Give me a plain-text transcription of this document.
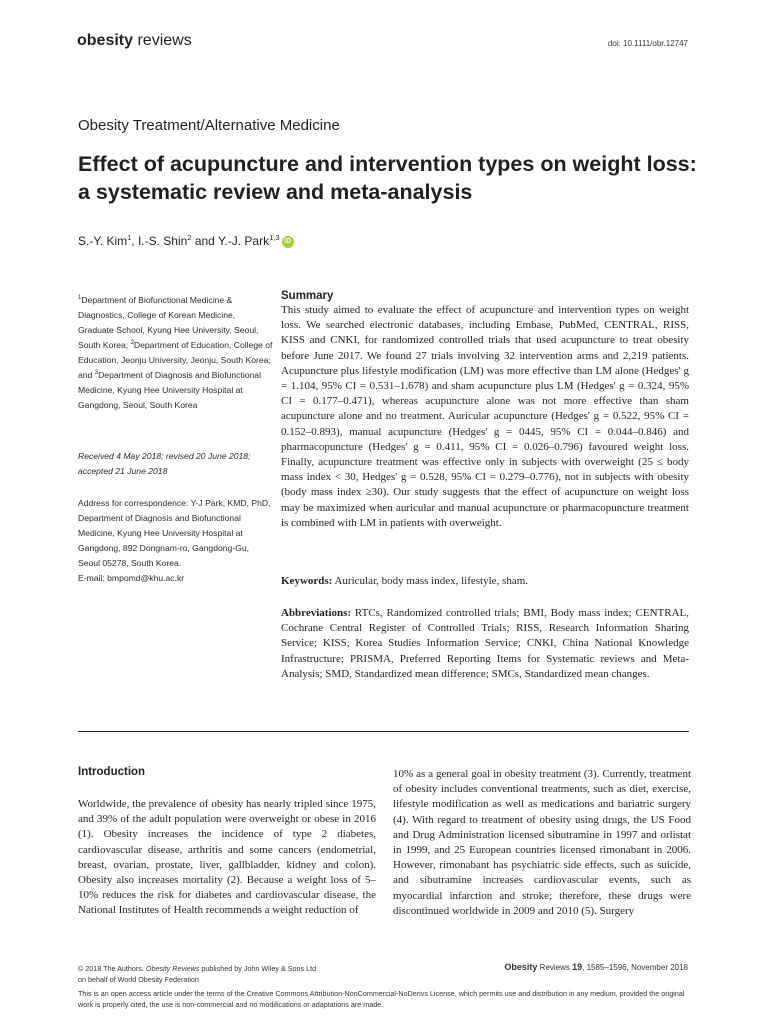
obesity reviews	doi: 10.1111/obr.12747
Obesity Treatment/Alternative Medicine
Effect of acupuncture and intervention types on weight loss: a systematic review and meta-analysis
S.-Y. Kim$^1$, I.-S. Shin$^2$ and Y.-J. Park$^{1,3}$ iD
$^1$Department of Biofunctional Medicine & Diagnostics, College of Korean Medicine, Graduate School, Kyung Hee University, Seoul, South Korea; $^2$Department of Education, College of Education, Jeonju University, Jeonju, South Korea; and $^3$Department of Diagnosis and Biofunctional Medicine, Kyung Hee University Hospital at Gangdong, Seoul, South Korea
Received 4 May 2018; revised 20 June 2018; accepted 21 June 2018
Address for correspondence: Y-J Park, KMD, PhD, Department of Diagnosis and Biofunctional Medicine, Kyung Hee University Hospital at Gangdong, 892 Dongnam-ro, Gangdong-Gu, Seoul 05278, South Korea.
E-mail: bmpomd@khu.ac.kr
Summary

This study aimed to evaluate the effect of acupuncture and intervention types on weight loss. We searched electronic databases, including Embase, PubMed, CENTRAL, RISS, KISS and CNKI, for randomized controlled trials that used acupuncture to treat obesity before June 2017. We found 27 trials involving 32 intervention arms and 2,219 patients. Acupuncture plus lifestyle modification (LM) was more effective than LM alone (Hedges' g = 1.104, 95% CI = 0.531–1.678) and sham acupuncture plus LM (Hedges' g = 0.324, 95% CI = 0.177–0.471), whereas acupuncture alone was not more effective than sham acupuncture alone and no treatment. Auricular acupuncture (Hedges' g = 0.522, 95% CI = 0.152–0.893), manual acupuncture (Hedges' g = 0445, 95% CI = 0.044–0.846) and pharmacopuncture (Hedges' g = 0.411, 95% CI = 0.026–0.796) favoured weight loss. Finally, acupuncture treatment was effective only in subjects with overweight (25 ≤ body mass index < 30, Hedges' g = 0.528, 95% CI = 0.279–0.776), not in subjects with obesity (body mass index ≥30). Our study suggests that the effect of acupuncture on weight loss may be maximized when auricular and manual acupuncture or pharmacopuncture treatment is combined with LM in patients with overweight.

Keywords: Auricular, body mass index, lifestyle, sham.
Abbreviations: RTCs, Randomized controlled trials; BMI, Body mass index; CENTRAL, Cochrane Central Register of Controlled Trials; RISS, Research Information Sharing Service; KISS, Korea Studies Information Service; CNKI, China National Knowledge Infrastructure; PRISMA, Preferred Reporting Items for Systematic reviews and Meta-Analysis; SMD, Standardized mean difference; SMCs, Standardized mean changes.
Introduction
Worldwide, the prevalence of obesity has nearly tripled since 1975, and 39% of the adult population were overweight or obese in 2016 (1). Obesity increases the incidence of type 2 diabetes, cardiovascular disease, arthritis and some cancers (endometrial, breast, ovarian, prostate, liver, gallbladder, kidney and colon). Obesity also increases mortality (2). Because a weight loss of 5–10% reduces the risk for diabetes and cardiovascular disease, the National Institutes of Health recommends a weight reduction of
10% as a general goal in obesity treatment (3). Currently, treatment of obesity includes conventional treatments, such as diet, exercise, lifestyle modification as well as medications and bariatric surgery (4). With regard to treatment of obesity using drugs, the US Food and Drug Administration licensed sibutramine in 1997 and orlistat in 1999, and 25 European countries licensed rimonabant in 2006. However, rimonabant has psychiatric side effects, such as suicide, and sibutramine increases cardiovascular events, such as myocardial infarction and stroke; therefore, these drugs were discontinued worldwide in 2009 and 2010 (5). Surgery
© 2018 The Authors. Obesity Reviews published by John Wiley & Sons Ltd
on behalf of World Obesity Federation
Obesity Reviews 19, 1585–1596, November 2018
This is an open access article under the terms of the Creative Commons Attribution-NonCommercial-NoDerivs License, which permits use and distribution in any medium, provided the original work is properly cited, the use is non-commercial and no modifications or adaptations are made.
